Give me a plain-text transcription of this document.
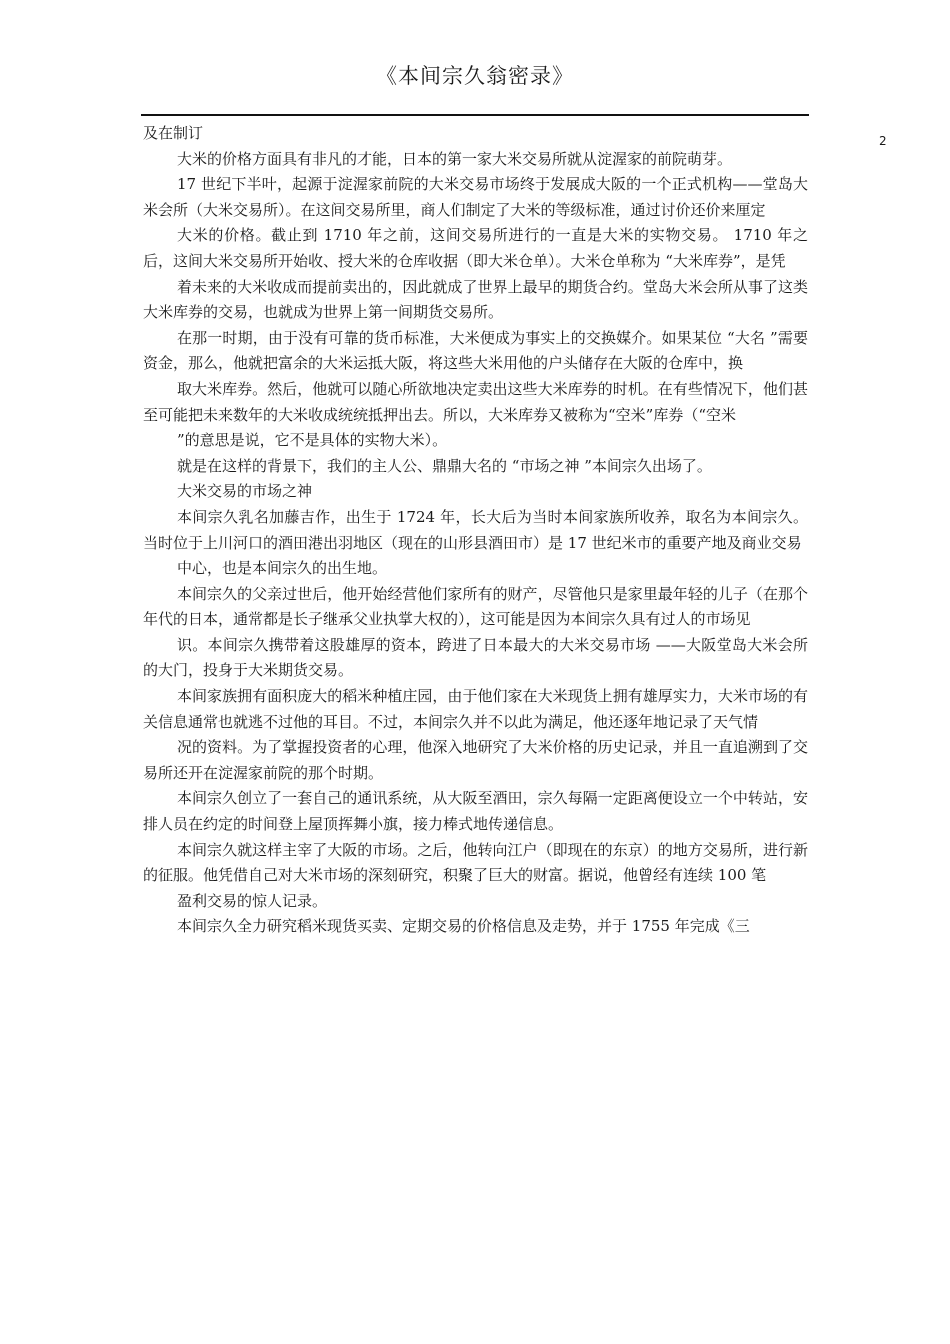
《本间宗久翁密录》
2

及在制订

大米的价格方面具有非凡的才能，日本的第一家大米交易所就从淀渥家的前院萌芽。

17 世纪下半叶，起源于淀渥家前院的大米交易市场终于发展成大阪的一个正式机构——堂岛大米会所（大米交易所）。在这间交易所里，商人们制定了大米的等级标准，通过讨价还价来厘定

大米的价格。截止到 1710 年之前，这间交易所进行的一直是大米的实物交易。 1710 年之后，这间大米交易所开始收、授大米的仓库收据（即大米仓单）。大米仓单称为 “大米库券”，是凭

着未来的大米收成而提前卖出的，因此就成了世界上最早的期货合约。堂岛大米会所从事了这类大米库券的交易，也就成为世界上第一间期货交易所。

在那一时期，由于没有可靠的货币标准，大米便成为事实上的交换媒介。如果某位 “大名 ”需要资金，那么，他就把富余的大米运抵大阪，将这些大米用他的户头储存在大阪的仓库中，换

取大米库券。然后，他就可以随心所欲地决定卖出这些大米库券的时机。在有些情况下，他们甚至可能把未来数年的大米收成统统抵押出去。所以，大米库券又被称为“空米”库券（“空米

”的意思是说，它不是具体的实物大米）。

就是在这样的背景下，我们的主人公、鼎鼎大名的 “市场之神 ”本间宗久出场了。

大米交易的市场之神

本间宗久乳名加藤吉作，出生于 1724 年，长大后为当时本间家族所收养，取名为本间宗久。当时位于上川河口的酒田港出羽地区（现在的山形县酒田市）是 17 世纪米市的重要产地及商业交易

中心，也是本间宗久的出生地。

本间宗久的父亲过世后，他开始经营他们家所有的财产，尽管他只是家里最年轻的儿子（在那个年代的日本，通常都是长子继承父业执掌大权的），这可能是因为本间宗久具有过人的市场见

识。本间宗久携带着这股雄厚的资本，跨进了日本最大的大米交易市场 ——大阪堂岛大米会所的大门，投身于大米期货交易。

本间家族拥有面积庞大的稻米种植庄园，由于他们家在大米现货上拥有雄厚实力，大米市场的有关信息通常也就逃不过他的耳目。不过，本间宗久并不以此为满足，他还逐年地记录了天气情

况的资料。为了掌握投资者的心理，他深入地研究了大米价格的历史记录，并且一直追溯到了交易所还开在淀渥家前院的那个时期。

本间宗久创立了一套自己的通讯系统，从大阪至酒田，宗久每隔一定距离便设立一个中转站，安排人员在约定的时间登上屋顶挥舞小旗，接力棒式地传递信息。

本间宗久就这样主宰了大阪的市场。之后，他转向江户（即现在的东京）的地方交易所，进行新的征服。他凭借自己对大米市场的深刻研究，积聚了巨大的财富。据说，他曾经有连续 100 笔

盈利交易的惊人记录。

本间宗久全力研究稻米现货买卖、定期交易的价格信息及走势，并于 1755 年完成《三
